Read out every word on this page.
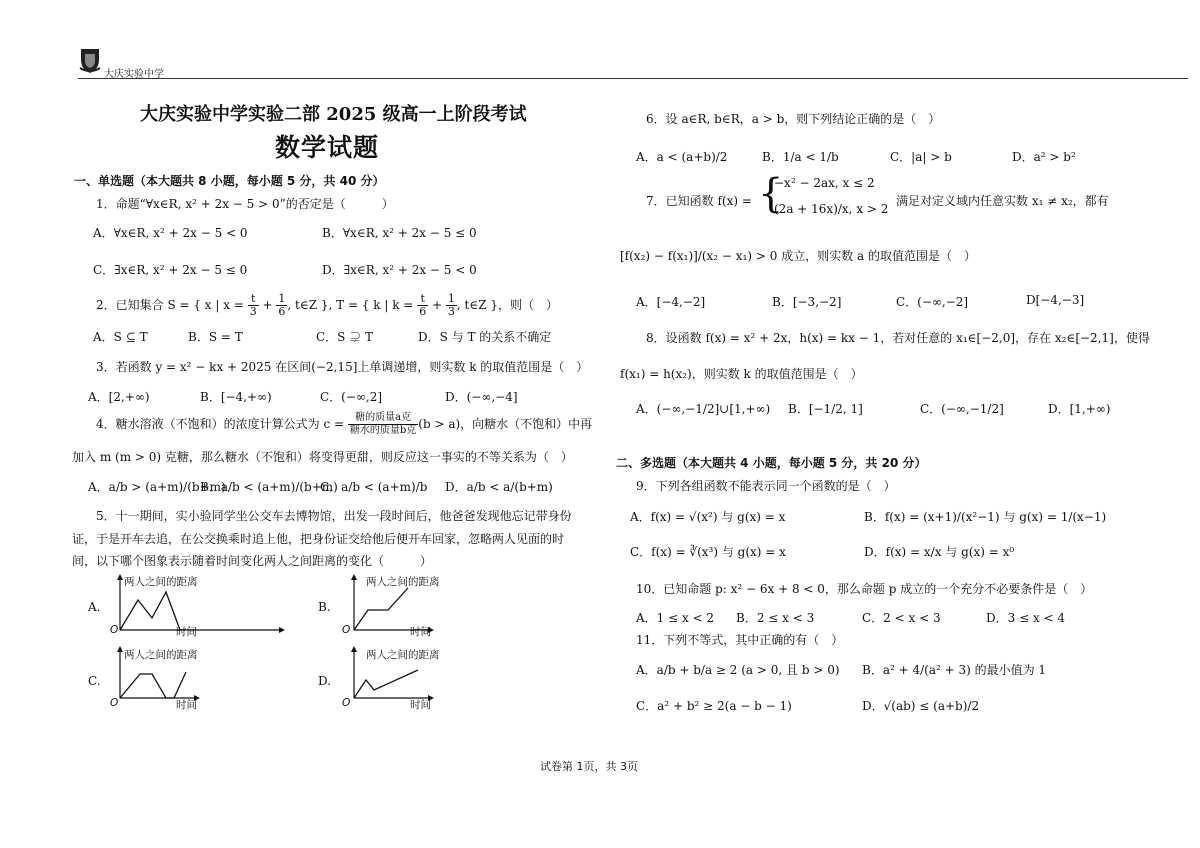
大庆实验中学
大庆实验中学实验二部 2025 级高一上阶段考试
数学试题
一、单选题（本大题共 8 小题，每小题 5 分，共 40 分）
1．命题“∀x∈R, x² + 2x − 5 > 0”的否定是（　　　）
A．∀x∈R, x² + 2x − 5 < 0	B．∀x∈R, x² + 2x − 5 ≤ 0
C．∃x∈R, x² + 2x − 5 ≤ 0	D．∃x∈R, x² + 2x − 5 < 0
2．已知集合 S = { x | $x = \frac{t}{3} + \frac{1}{6}$ , t∈Z }, T = { k | $k = \frac{t}{6} + \frac{1}{3}$ , t∈Z }，则（　）
A．S ⊆ T	B．S = T	C．S ⊋ T	D．S 与 T 的关系不确定
3．若函数 y = x² − kx + 2025 在区间(−2,15]上单调递增，则实数 k 的取值范围是（　）
A．[2,+∞)	B．[−4,+∞)	C．(−∞,2]	D．(−∞,−4]
4．糖水溶液（不饱和）的浓度计算公式为 $c = \frac{\text{糖的质量a克}}{\text{糖水的质量b克}} (b > a)$，向糖水（不饱和）中再
加入 m (m > 0) 克糖，那么糖水（不饱和）将变得更甜，则反应这一事实的不等关系为（　）
A．a/b > (a+m)/(b+m)
B．a/b < (a+m)/(b+m)
C．a/b < (a+m)/b D．a/b < a/(b+m)
5．十一期间，实小验同学坐公交车去博物馆，出发一段时间后，他爸爸发现他忘记带身份
证，于是开车去追，在公交换乘时追上他，把身份证交给他后便开车回家，忽略两人见面的时
间，以下哪个图象表示随着时间变化两人之间距离的变化（　　　）
A.
两人之间的距离
O	时间
B.
两人之间的距离
O	时间
C.
两人之间的距离
O	时间
D.
两人之间的距离
O	时间
6．设 a∈R, b∈R，a > b，则下列结论正确的是（　）
A．a < (a+b)/2	B．1/a < 1/b	C．|a| > b	D．a² > b²
7．已知函数 f(x) = {
−x² − 2ax, x ≤ 2
(2a + 16x)/x, x > 2
满足对定义域内任意实数 x₁ ≠ x₂，都有
[f(x₂) − f(x₁)]/(x₂ − x₁) > 0 成立，则实数 a 的取值范围是（　）
A．[−4,−2]	B．[−3,−2]	C．(−∞,−2]	D[−4,−3]
8．设函数 f(x) = x² + 2x，h(x) = kx − 1，若对任意的 x₁∈[−2,0]，存在 x₂∈[−2,1]，使得
f(x₁) = h(x₂)，则实数 k 的取值范围是（　）
A．(−∞,−1/2]∪[1,+∞) B．[−1/2, 1]	C．(−∞,−1/2]	D．[1,+∞)
二、多选题（本大题共 4 小题，每小题 5 分，共 20 分）
9．下列各组函数不能表示同一个函数的是（　）
A．f(x) = √(x²) 与 g(x) = x	B．f(x) = (x+1)/(x²−1) 与 g(x) = 1/(x−1)
C．f(x) = ∛(x³) 与 g(x) = x	D．f(x) = x/x 与 g(x) = x⁰
10．已知命题 p: x² − 6x + 8 < 0，那么命题 p 成立的一个充分不必要条件是（　）
A．1 ≤ x < 2 B．2 ≤ x < 3	C．2 < x < 3	D．3 ≤ x < 4
11．下列不等式，其中正确的有（　）
A．a/b + b/a ≥ 2 (a > 0, 且 b > 0) B．a² + 4/(a² + 3) 的最小值为 1
C．a² + b² ≥ 2(a − b − 1)	D．√(ab) ≤ (a+b)/2
试卷第 1页，共 3页
